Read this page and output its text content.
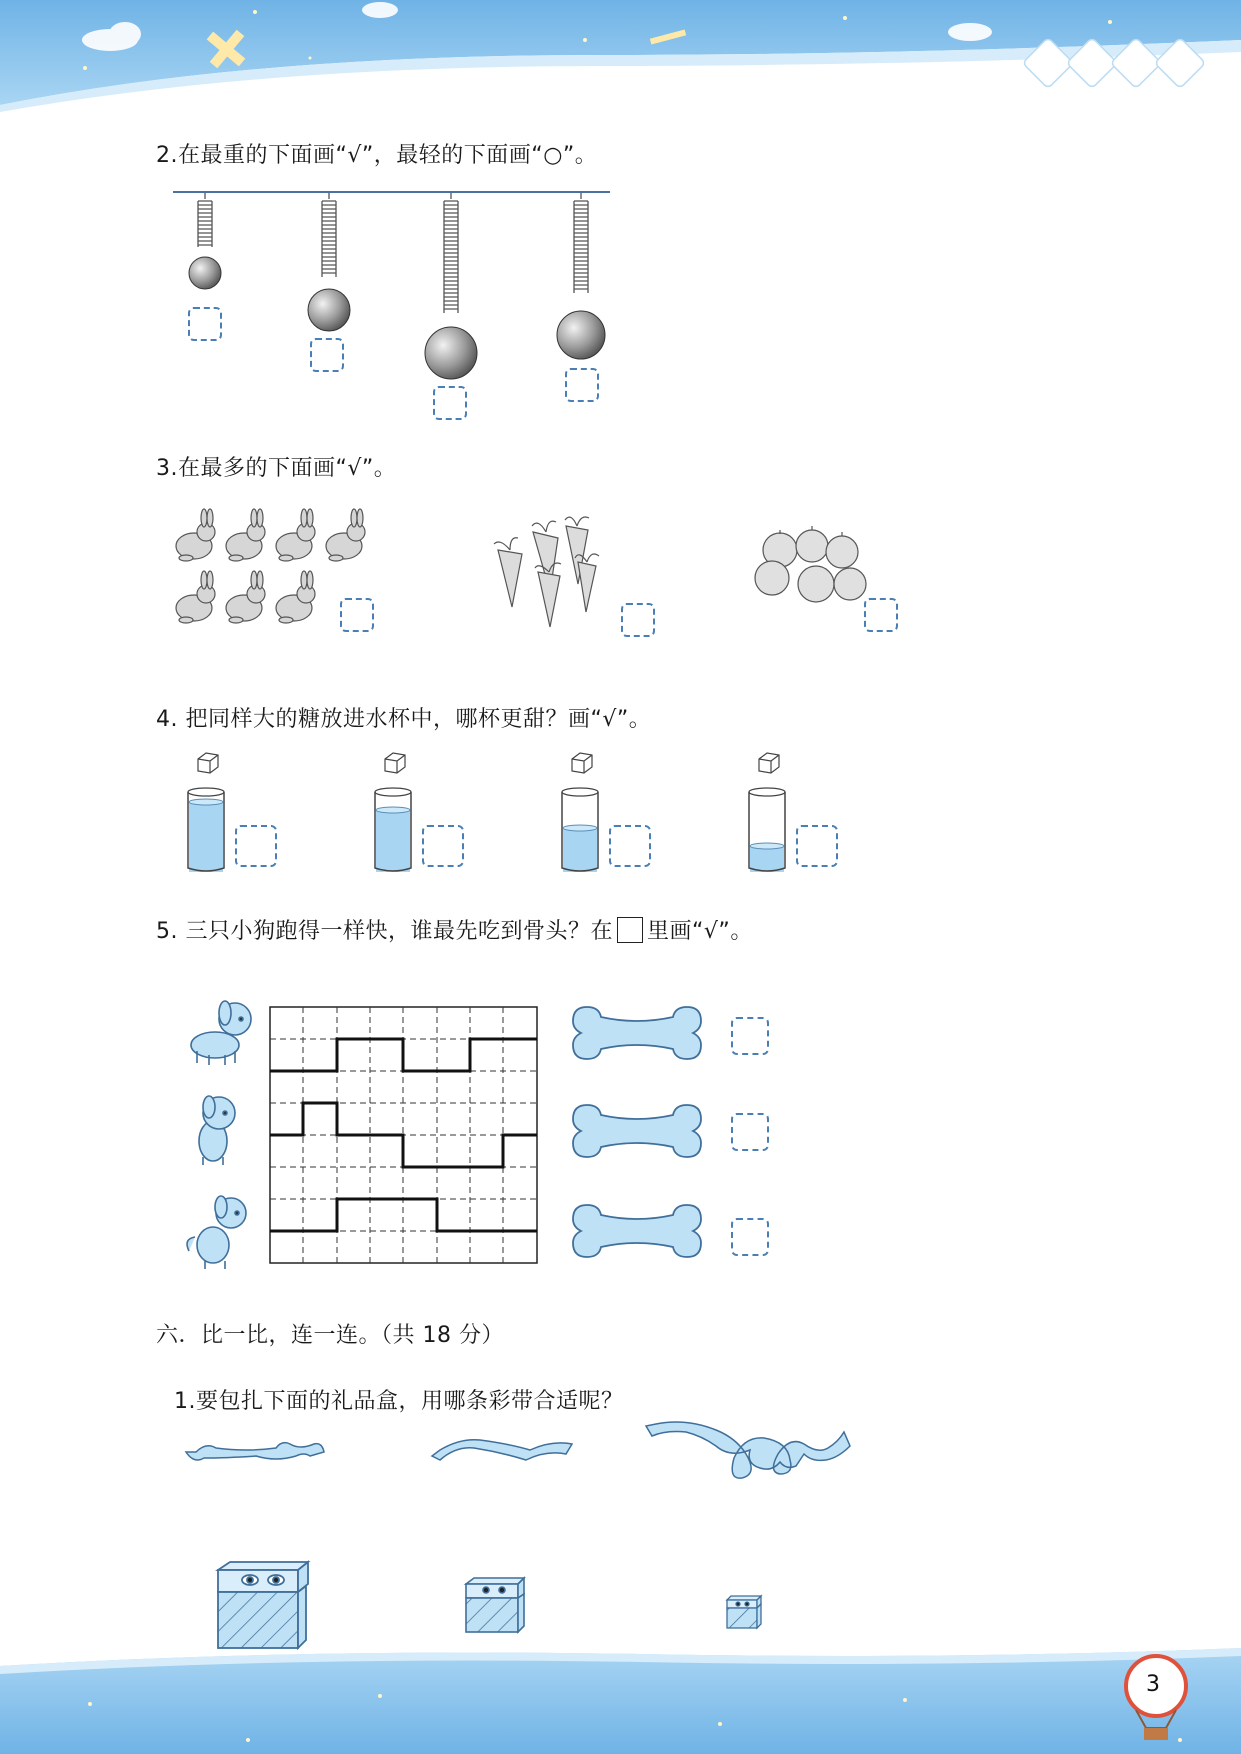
2.在最重的下面画“√”，最轻的下面画“○”。
3.在最多的下面画“√”。
4. 把同样大的糖放进水杯中，哪杯更甜？画“√”。
5. 三只小狗跑得一样快，谁最先吃到骨头？在 里画“√”。
六．比一比，连一连。（共 18 分）
1.要包扎下面的礼品盒，用哪条彩带合适呢？
3
